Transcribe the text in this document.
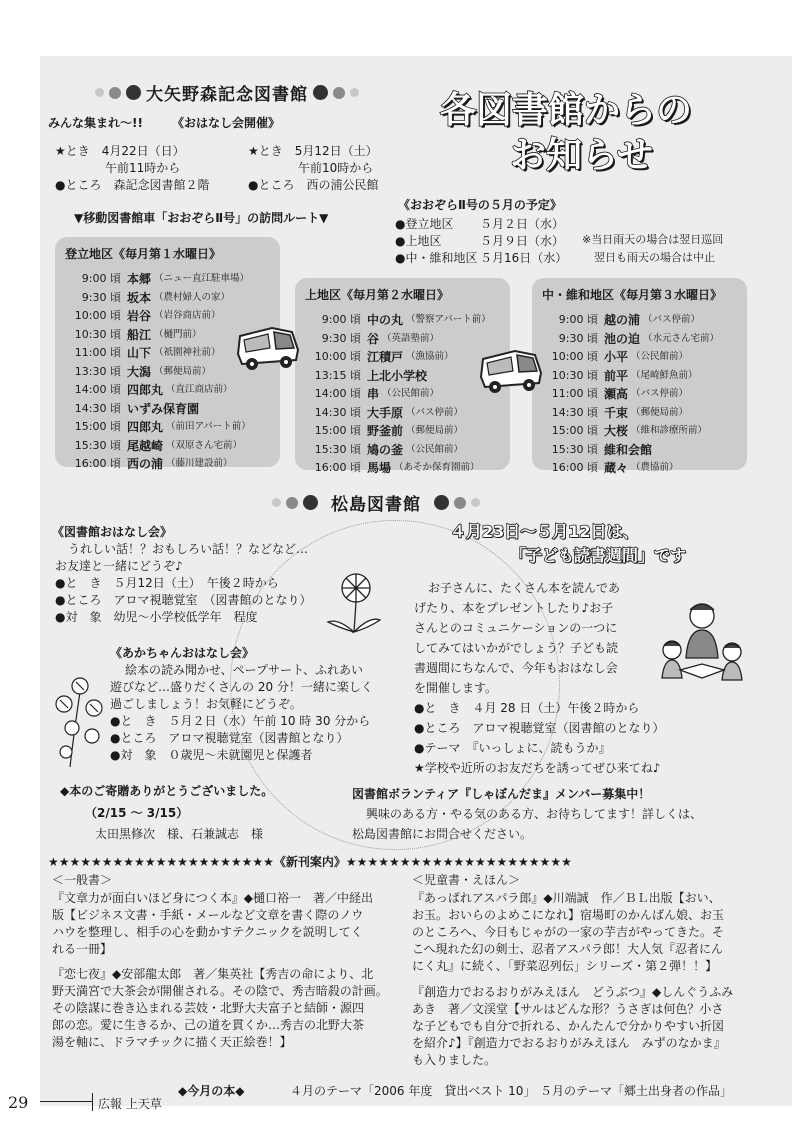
大矢野森記念図書館	各図書館からの
お知らせ
みんな集まれ～!! 《おはなし会開催》
★とき　4月22日（日）
午前11時から
●ところ　森記念図書館２階
★とき　5月12日（土）
午前10時から
●ところ　西の浦公民館
▼移動図書館車「おおぞらⅡ号」の訪問ルート▼
《おおぞらⅡ号の５月の予定》
●登立地区	５月２日（水）
●上地区	５月９日（水）
●中・維和地区 ５月16日（水）
※当日雨天の場合は翌日巡回
翌日も雨天の場合は中止
登立地区《毎月第１水曜日》
9:00 頃 本郷 （ニュー直江駐車場）
9:30 頃 坂本 （農村婦人の家）
10:00 頃 岩谷 （岩谷商店前）
10:30 頃 船江 （樋門前）
11:00 頃 山下 （祇園神社前）
13:30 頃 大潟 （郵便局前）
14:00 頃 四郎丸 （直江商店前）
14:30 頃 いずみ保育園
15:00 頃 四郎丸 （前田アパート前）
15:30 頃 尾越崎 （双原さん宅前）
16:00 頃 西の浦 （藤川建設前）
上地区《毎月第２水曜日》
9:00 頃 中の丸 （警察アパート前）
9:30 頃 谷 （英語塾前）
10:00 頃 江積戸 （漁協前）
13:15 頃 上北小学校
14:00 頃 串 （公民館前）
14:30 頃 大手原 （バス停前）
15:00 頃 野釜前 （郵便局前）
15:30 頃 鳩の釜 （公民館前）
16:00 頃 馬場 （あそか保育園前）
中・維和地区《毎月第３水曜日》
9:00 頃 越の浦 （バス停前）
9:30 頃 池の迫 （水元さん宅前）
10:00 頃 小平 （公民館前）
10:30 頃 前平 （尾崎鮮魚前）
11:00 頃 瀬高 （バス停前）
14:30 頃 千束 （郵便局前）
15:00 頃 大桜 （維和診療所前）
15:30 頃 維和会館
16:00 頃 蔵々 （農協前）
松島図書館
《図書館おはなし会》
うれしい話！？おもしろい話！？などなど…
お友達と一緒にどうぞ♪
●と　き　５月12日（土）　午後２時から
●ところ　アロマ視聴覚室　（図書館のとなり）
●対　象　幼児～小学校低学年　程度
《あかちゃんおはなし会》
絵本の読み聞かせ、ペープサート、ふれあい
遊びなど…盛りだくさんの 20 分！一緒に楽しく
過ごしましょう！お気軽にどうぞ。
●と　き　５月２日（水）午前 10 時 30 分から
●ところ　アロマ視聴覚室（図書館となり）
●対　象　０歳児～未就園児と保護者
◆本のご寄贈ありがとうございました。
（2/15 ～ 3/15）
太田黒修次　様、石兼誠志　様
４月23日～５月12日は、
「子ども読書週間」です
お子さんに、たくさん本を読んであ
げたり、本をプレゼントしたり♪お子
さんとのコミュニケーションの一つに
してみてはいかがでしょう？子ども読
書週間にちなんで、今年もおはなし会
を開催します。
●と　き　４月 28 日（土）午後２時から
●ところ　アロマ視聴覚室（図書館のとなり）
●テーマ　『いっしょに、読もうか』
★学校や近所のお友だちを誘ってぜひ来てね♪
図書館ボランティア『しゃぼんだま』メンバー募集中！
興味のある方・やる気のある方、お待ちしてます！詳しくは、
松島図書館にお問合せください。
★★★★★★★★★★★★★★★★★★★★★《新刊案内》★★★★★★★★★★★★★★★★★★★★★
＜一般書＞
『文章力が面白いほど身につく本』◆樋口裕一　著／中経出
版【ビジネス文書・手紙・メールなど文章を書く際のノウ
ハウを整理し、相手の心を動かすテクニックを説明してく
れる一冊】
『恋七夜』◆安部龍太郎　著／集英社【秀吉の命により、北
野天満宮で大茶会が開催される。その陰で、秀吉暗殺の計画。
その陰謀に巻き込まれる芸妓・北野大夫富子と結師・源四
郎の恋。愛に生きるか、己の道を貫くか…秀吉の北野大茶
湯を軸に、ドラマチックに描く天正絵巻！】
＜児童書・えほん＞
『あっぱれアスパラ郎』◆川端誠　作／ＢＬ出版【おい、
お玉。おいらのよめこになれ】宿場町のかんばん娘、お玉
のところへ、今日もじゃがの一家の芋吉がやってきた。そ
こへ現れた幻の剣士、忍者アスパラ郎！大人気『忍者にん
にく丸』に続く、「野菜忍列伝」シリーズ・第２弾！！】
『創造力でおるおりがみえほん　どうぶつ』◆しんぐうふみ
あき　著／文渓堂【サルはどんな形？うさぎは何色？小さ
な子どもでも自分で折れる、かんたんで分かりやすい折図
を紹介♪】『創造力でおるおりがみえほん　みずのなかま』
も入りました。
29	広報 上天草
◆今月の本◆	４月のテーマ「2006 年度　貸出ベスト 10」 ５月のテーマ「郷土出身者の作品」
